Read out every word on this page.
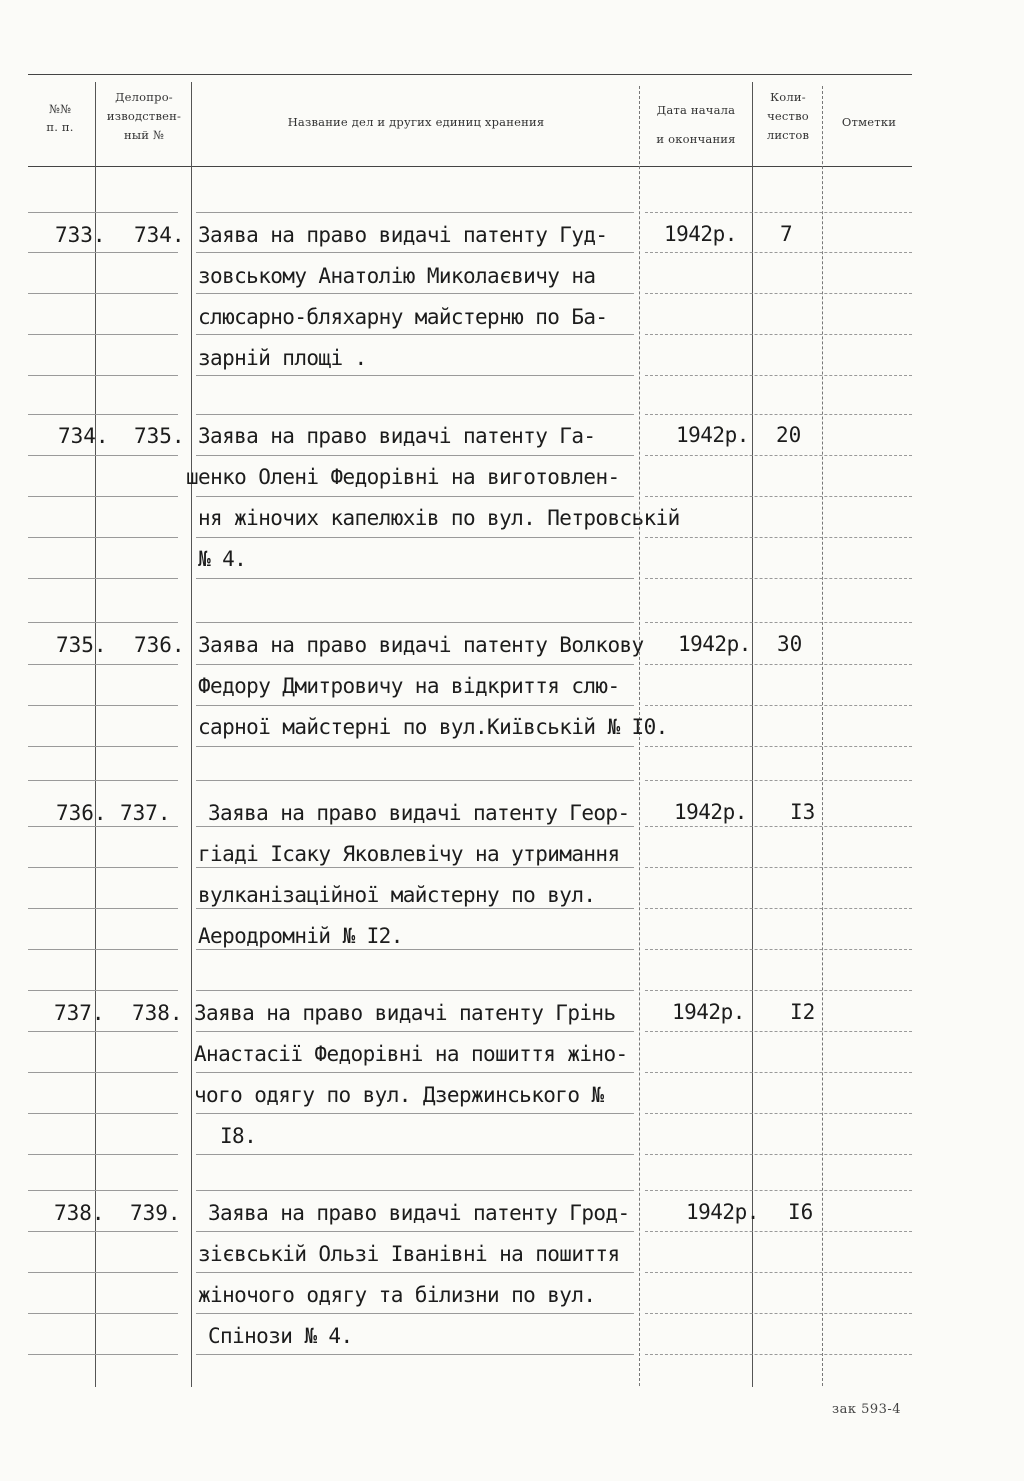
№№
п. п.
Делопро-
изводствен-
ный №
Название дел и других единиц хранения
Дата начала
и окончания
Коли-
чество
листов
Отметки
733. 734. Заява на право видачі патенту Гуд-
зовському Анатолію Миколаєвичу на
слюсарно-бляхарну майстерню по Ба-
зарній площі .
1942р. 7
734. 735. Заява на право видачі патенту Га-
шенко Олені Федорівні на виготовлен-
ня жіночих капелюхів по вул. Петровській
№ 4.
1942р. 20
735. 736. Заява на право видачі патенту Волкову
Федору Дмитровичу на відкриття слю-
сарної майстерні по вул.Київській № I0.
1942р. 30
736. 737. Заява на право видачі патенту Геор-
гіаді Ісаку Яковлевічу на утримання
вулканізаційної майстерну по вул.
Аеродромній № I2.
1942р. I3
737. 738. Заява на право видачі патенту Грінь
Анастасії Федорівні на пошиття жіно-
чого одягу по вул. Дзержинського №
I8.
1942р. I2
738. 739. Заява на право видачі патенту Грод-
зієвській Ользі Іванівні на пошиття
жіночого одягу та білизни по вул.
Спінози № 4.
1942р. I6
зак 593-4
